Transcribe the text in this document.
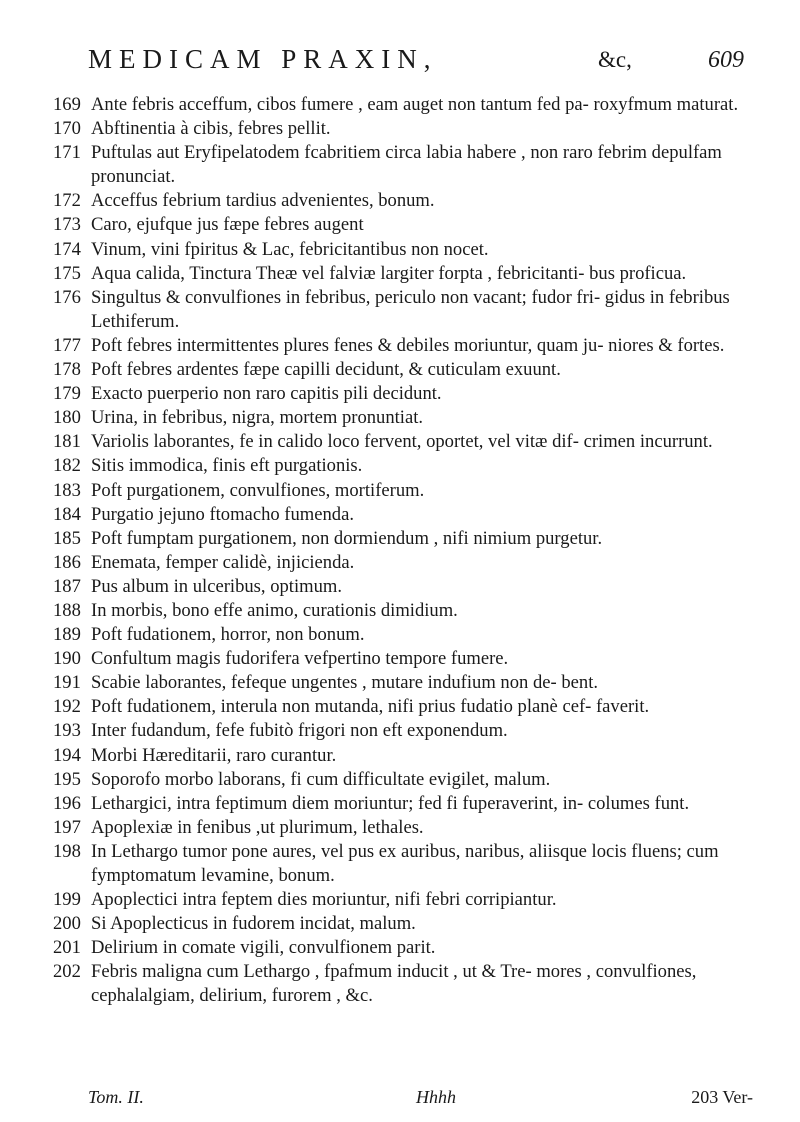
MEDICAM PRAXIN,	&c,	609
169 Ante febris acceffum, cibos fumere , eam auget non tantum fed pa- roxyfmum maturat.
170 Abftinentia à cibis, febres pellit.
171 Puftulas aut Eryfipelatodem fcabritiem circa labia habere , non raro febrim depulfam pronunciat.
172 Acceffus febrium tardius advenientes, bonum.
173 Caro, ejufque jus fæpe febres augent
174 Vinum, vini fpiritus & Lac, febricitantibus non nocet.
175 Aqua calida, Tinctura Theæ vel falviæ largiter forpta , febricitanti- bus proficua.
176 Singultus & convulfiones in febribus, periculo non vacant; fudor fri- gidus in febribus Lethiferum.
177 Poft febres intermittentes plures fenes & debiles moriuntur, quam ju- niores & fortes.
178 Poft febres ardentes fæpe capilli decidunt, & cuticulam exuunt.
179 Exacto puerperio non raro capitis pili decidunt.
180 Urina, in febribus, nigra, mortem pronuntiat.
181 Variolis laborantes, fe in calido loco fervent, oportet, vel vitæ dif- crimen incurrunt.
182 Sitis immodica, finis eft purgationis.
183 Poft purgationem, convulfiones, mortiferum.
184 Purgatio jejuno ftomacho fumenda.
185 Poft fumptam purgationem, non dormiendum , nifi nimium purgetur.
186 Enemata, femper calidè, injicienda.
187 Pus album in ulceribus, optimum.
188 In morbis, bono effe animo, curationis dimidium.
189 Poft fudationem, horror, non bonum.
190 Confultum magis fudorifera vefpertino tempore fumere.
191 Scabie laborantes, fefeque ungentes , mutare indufium non de- bent.
192 Poft fudationem, interula non mutanda, nifi prius fudatio planè cef- faverit.
193 Inter fudandum, fefe fubitò frigori non eft exponendum.
194 Morbi Hæreditarii, raro curantur.
195 Soporofo morbo laborans, fi cum difficultate evigilet, malum.
196 Lethargici, intra feptimum diem moriuntur; fed fi fuperaverint, in- columes funt.
197 Apoplexiæ in fenibus ,ut plurimum, lethales.
198 In Lethargo tumor pone aures, vel pus ex auribus, naribus, aliisque locis fluens; cum fymptomatum levamine, bonum.
199 Apoplectici intra feptem dies moriuntur, nifi febri corripiantur.
200 Si Apoplecticus in fudorem incidat, malum.
201 Delirium in comate vigili, convulfionem parit.
202 Febris maligna cum Lethargo , fpafmum inducit , ut & Tre- mores , convulfiones, cephalalgiam, delirium, furorem , &c.
Tom. II.	Hhhh	203 Ver-
